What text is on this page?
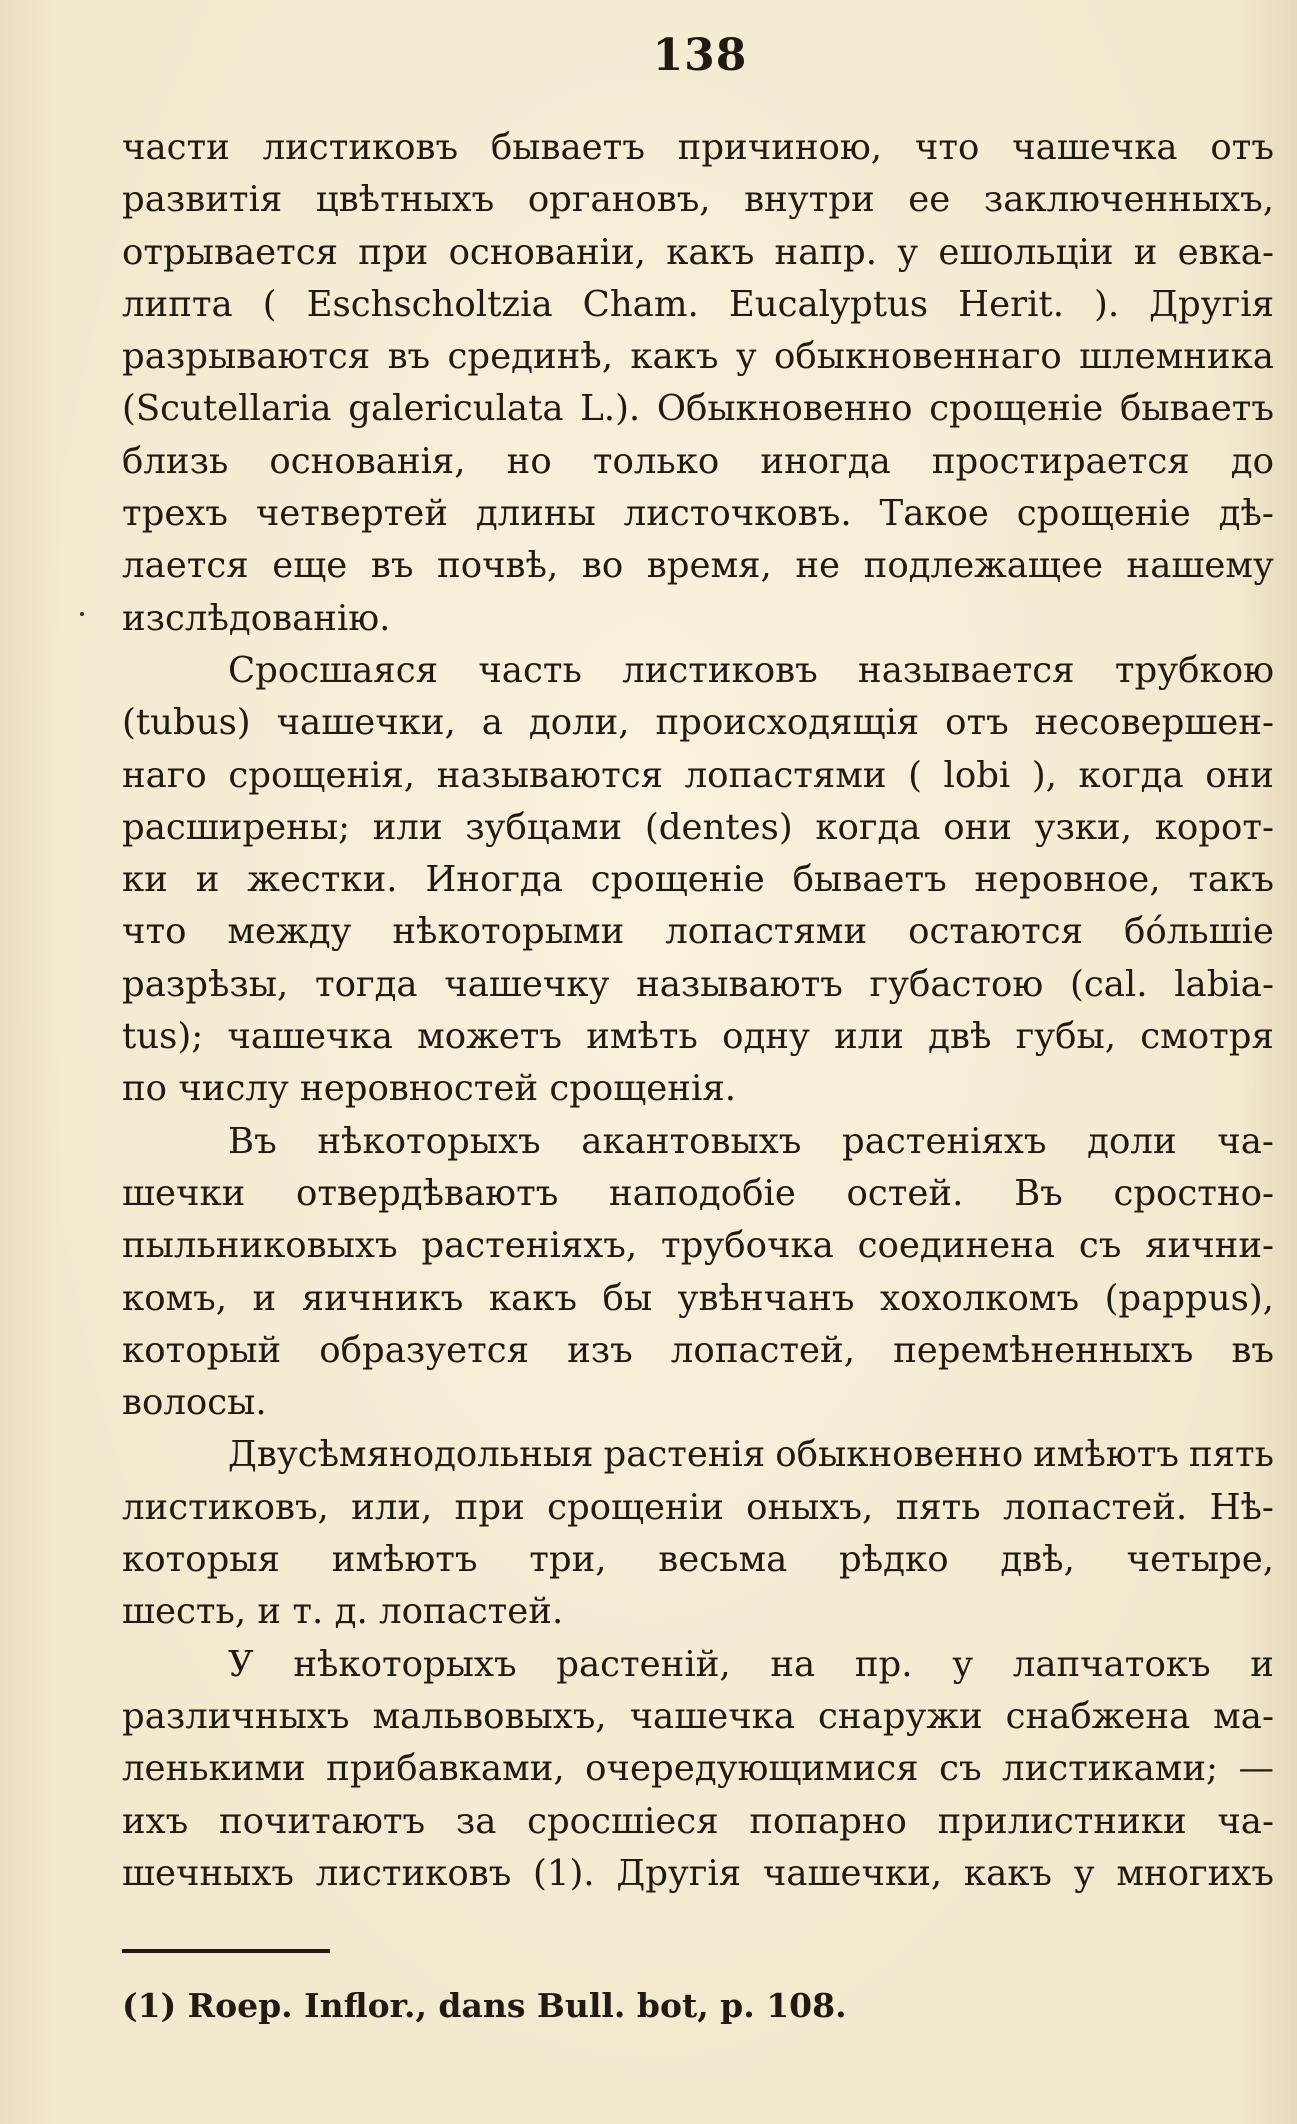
138
части листиковъ бываетъ причиною, что чашечка отъ
развитія цвѣтныхъ органовъ, внутри ее заключенныхъ,
отрывается при основаніи, какъ напр. у ешольціи и евка-
липта ( Eschscholtzia Cham. Eucalyptus Herit. ). Другія
разрываются въ срединѣ, какъ у обыкновеннаго шлемника
(Scutellaria galericulata L.). Обыкновенно срощеніе бываетъ
близь основанія, но только иногда простирается до
трехъ четвертей длины листочковъ. Такое срощеніе дѣ-
лается еще въ почвѣ, во время, не подлежащее нашему
изслѣдованію.
Сросшаяся часть листиковъ называется трубкою
(tubus) чашечки, а доли, происходящія отъ несовершен-
наго срощенія, называются лопастями ( lobi ), когда они
расширены; или зубцами (dentes) когда они узки, корот-
ки и жестки. Иногда срощеніе бываетъ неровное, такъ
что между нѣкоторыми лопастями остаются бóльшіе
разрѣзы, тогда чашечку называютъ губастою (cal. labia-
tus); чашечка можетъ имѣть одну или двѣ губы, смотря
по числу неровностей срощенія.
Въ нѣкоторыхъ акантовыхъ растеніяхъ доли ча-
шечки отвердѣваютъ наподобіе остей. Въ сростно-
пыльниковыхъ растеніяхъ, трубочка соединена съ яични-
комъ, и яичникъ какъ бы увѣнчанъ хохолкомъ (pappus),
который образуется изъ лопастей, перемѣненныхъ въ
волосы.
Двусѣмянодольныя растенія обыкновенно имѣютъ пять
листиковъ, или, при срощеніи оныхъ, пять лопастей. Нѣ-
которыя имѣютъ три, весьма рѣдко двѣ, четыре,
шесть, и т. д. лопастей.
У нѣкоторыхъ растеній, на пр. у лапчатокъ и
различныхъ мальвовыхъ, чашечка снаружи снабжена ма-
ленькими прибавками, очередующимися съ листиками; —
ихъ почитаютъ за сросшіеся попарно прилистники ча-
шечныхъ листиковъ (1). Другія чашечки, какъ у многихъ
(1) Roep. Inflor., dans Bull. bot, p. 108.
